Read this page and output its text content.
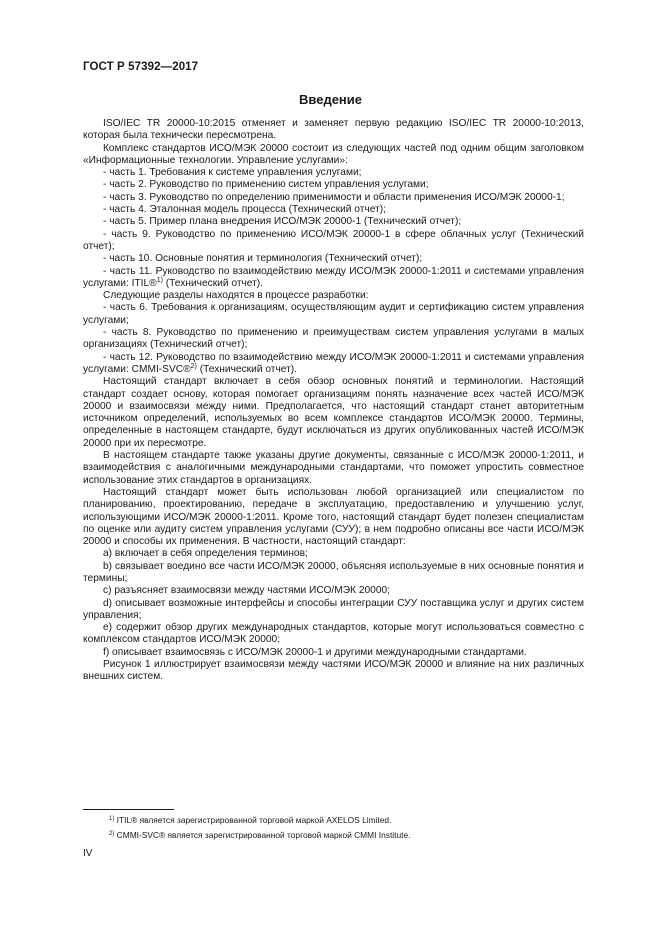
ГОСТ Р 57392—2017
Введение

ISO/IEC TR 20000-10:2015 отменяет и заменяет первую редакцию ISO/IEC TR 20000-10:2013, которая была технически пересмотрена.

Комплекс стандартов ИСО/МЭК 20000 состоит из следующих частей под одним общим заголовком «Информационные технологии. Управление услугами»:

- часть 1. Требования к системе управления услугами;

- часть 2. Руководство по применению систем управления услугами;

- часть 3. Руководство по определению применимости и области применения ИСО/МЭК 20000-1;

- часть 4. Эталонная модель процесса (Технический отчет);

- часть 5. Пример плана внедрения ИСО/МЭК 20000-1 (Технический отчет);

- часть 9. Руководство по применению ИСО/МЭК 20000-1 в сфере облачных услуг (Технический отчет);

- часть 10. Основные понятия и терминология (Технический отчет);

- часть 11. Руководство по взаимодействию между ИСО/МЭК 20000-1:2011 и системами управления услугами: ITIL®$^{1)}$ (Технический отчет).

Следующие разделы находятся в процессе разработки:

- часть 6. Требования к организациям, осуществляющим аудит и сертификацию систем управления услугами;

- часть 8. Руководство по применению и преимуществам систем управления услугами в малых организациях (Технический отчет);

- часть 12. Руководство по взаимодействию между ИСО/МЭК 20000-1:2011 и системами управления услугами: CMMI-SVC®$^{2)}$ (Технический отчет).

Настоящий стандарт включает в себя обзор основных понятий и терминологии. Настоящий стандарт создает основу, которая помогает организациям понять назначение всех частей ИСО/МЭК 20000 и взаимосвязи между ними. Предполагается, что настоящий стандарт станет авторитетным источником определений, используемых во всем комплексе стандартов ИСО/МЭК 20000. Термины, определенные в настоящем стандарте, будут исключаться из других опубликованных частей ИСО/МЭК 20000 при их пересмотре.

В настоящем стандарте также указаны другие документы, связанные с ИСО/МЭК 20000-1:2011, и взаимодействия с аналогичными международными стандартами, что поможет упростить совместное использование этих стандартов в организациях.

Настоящий стандарт может быть использован любой организацией или специалистом по планированию, проектированию, передаче в эксплуатацию, предоставлению и улучшению услуг, использующими ИСО/МЭК 20000-1:2011. Кроме того, настоящий стандарт будет полезен специалистам по оценке или аудиту систем управления услугами (СУУ); в нем подробно описаны все части ИСО/МЭК 20000 и способы их применения. В частности, настоящий стандарт:

a) включает в себя определения терминов;

b) связывает воедино все части ИСО/МЭК 20000, объясняя используемые в них основные понятия и термины;

c) разъясняет взаимосвязи между частями ИСО/МЭК 20000;

d) описывает возможные интерфейсы и способы интеграции СУУ поставщика услуг и других систем управления;

e) содержит обзор других международных стандартов, которые могут использоваться совместно с комплексом стандартов ИСО/МЭК 20000;

f) описывает взаимосвязь с ИСО/МЭК 20000-1 и другими международными стандартами.

Рисунок 1 иллюстрирует взаимосвязи между частями ИСО/МЭК 20000 и влияние на них различных внешних систем.

$^{1)}$ ITIL® является зарегистрированной торговой маркой AXELOS Limited.

$^{2)}$ CMMI-SVC® является зарегистрированной торговой маркой CMMI Institute.

IV
